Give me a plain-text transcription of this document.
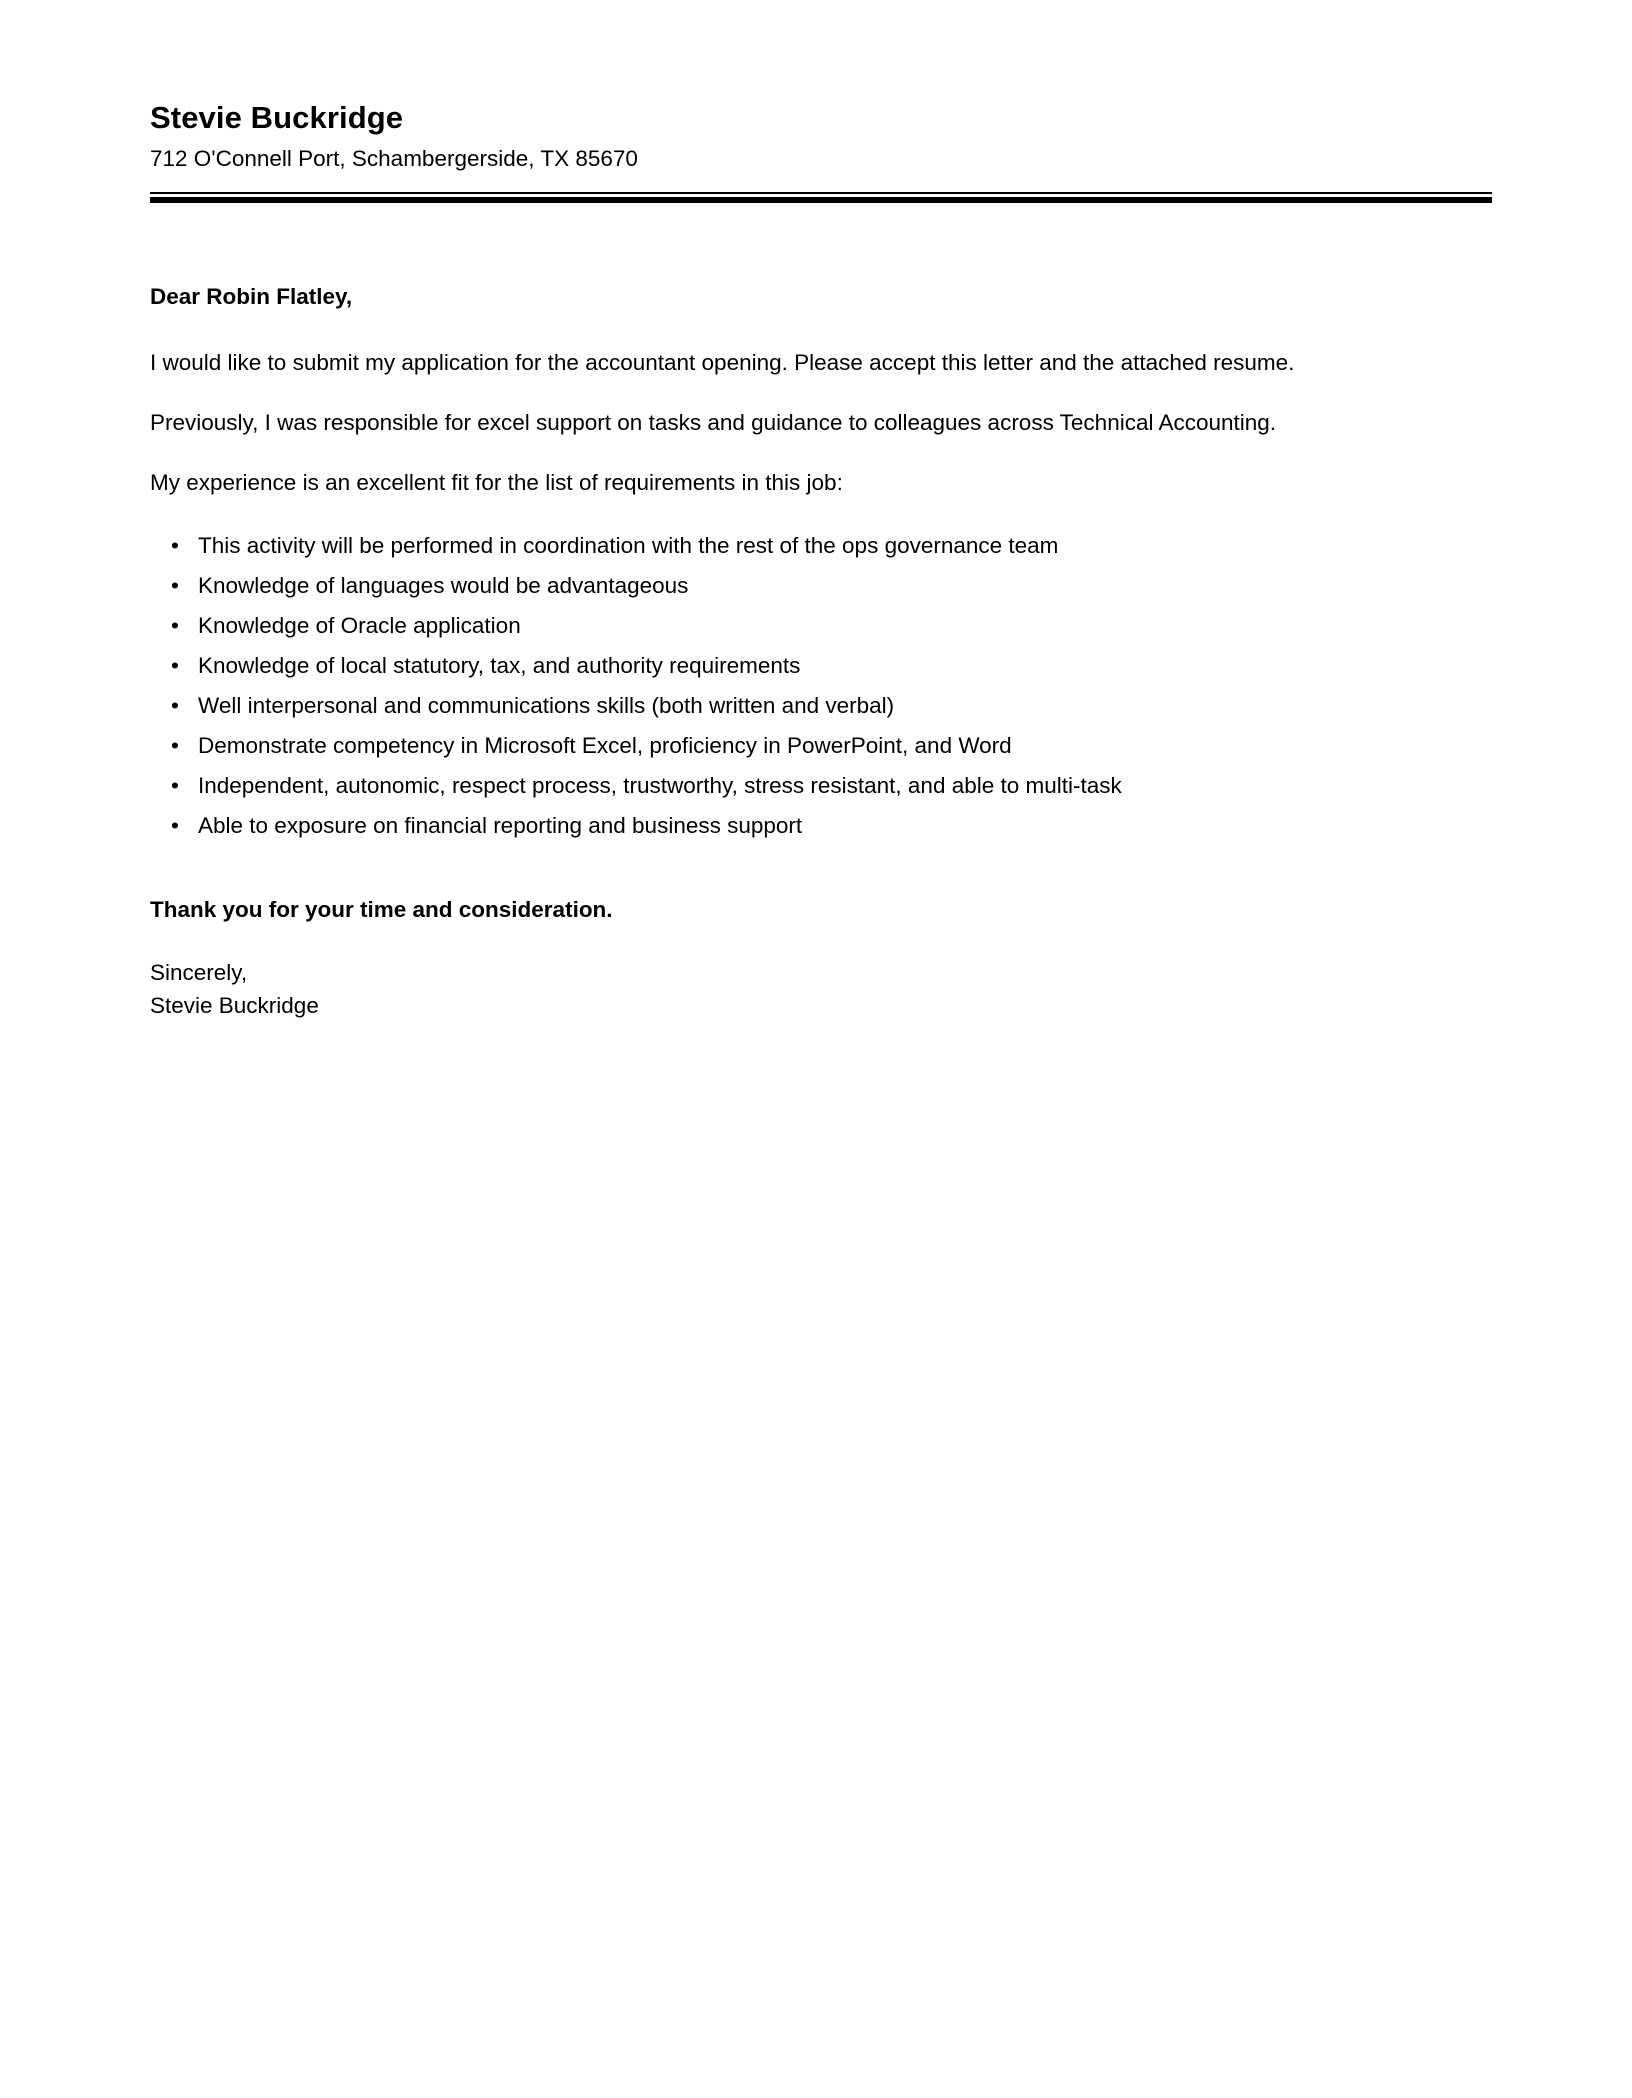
Stevie Buckridge
712 O'Connell Port, Schambergerside, TX 85670

Dear Robin Flatley,

I would like to submit my application for the accountant opening. Please accept this letter and the attached resume.

Previously, I was responsible for excel support on tasks and guidance to colleagues across Technical Accounting.

My experience is an excellent fit for the list of requirements in this job:

• This activity will be performed in coordination with the rest of the ops governance team
• Knowledge of languages would be advantageous
• Knowledge of Oracle application
• Knowledge of local statutory, tax, and authority requirements
• Well interpersonal and communications skills (both written and verbal)
• Demonstrate competency in Microsoft Excel, proficiency in PowerPoint, and Word
• Independent, autonomic, respect process, trustworthy, stress resistant, and able to multi-task
• Able to exposure on financial reporting and business support

Thank you for your time and consideration.

Sincerely,
Stevie Buckridge
